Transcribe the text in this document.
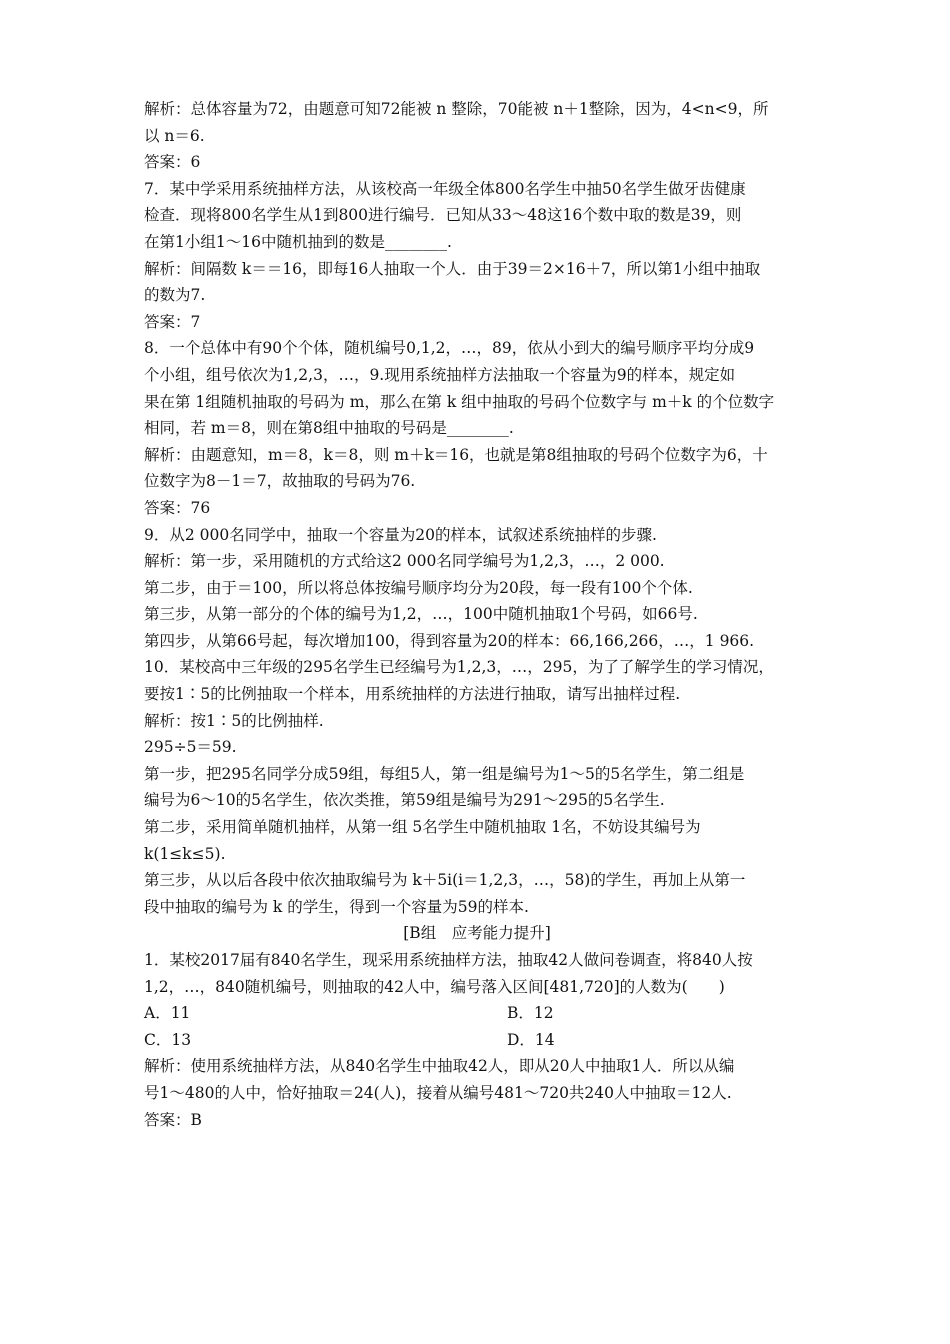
解析：总体容量为72，由题意可知72能被 n 整除，70能被 n＋1整除，因为，4<n<9，所
以 n＝6.
答案：6
7．某中学采用系统抽样方法，从该校高一年级全体800名学生中抽50名学生做牙齿健康
检查．现将800名学生从1到800进行编号．已知从33～48这16个数中取的数是39，则
在第1小组1～16中随机抽到的数是________.
解析：间隔数 k＝＝16，即每16人抽取一个人．由于39＝2×16＋7，所以第1小组中抽取
的数为7.
答案：7
8．一个总体中有90个个体，随机编号0,1,2，…，89，依从小到大的编号顺序平均分成9
个小组，组号依次为1,2,3，…，9.现用系统抽样方法抽取一个容量为9的样本，规定如
果在第 1组随机抽取的号码为 m，那么在第 k 组中抽取的号码个位数字与 m＋k 的个位数字
相同，若 m＝8，则在第8组中抽取的号码是________.
解析：由题意知，m＝8，k＝8，则 m＋k＝16，也就是第8组抽取的号码个位数字为6，十
位数字为8－1＝7，故抽取的号码为76.
答案：76
9．从2 000名同学中，抽取一个容量为20的样本，试叙述系统抽样的步骤.
解析：第一步，采用随机的方式给这2 000名同学编号为1,2,3，…，2 000.
第二步，由于＝100，所以将总体按编号顺序均分为20段，每一段有100个个体.
第三步，从第一部分的个体的编号为1,2，…，100中随机抽取1个号码，如66号.
第四步，从第66号起，每次增加100，得到容量为20的样本：66,166,266，…，1 966.
10．某校高中三年级的295名学生已经编号为1,2,3，…，295，为了了解学生的学习情况，
要按1∶5的比例抽取一个样本，用系统抽样的方法进行抽取，请写出抽样过程.
解析：按1∶5的比例抽样.
295÷5＝59.
第一步，把295名同学分成59组，每组5人，第一组是编号为1～5的5名学生，第二组是
编号为6～10的5名学生，依次类推，第59组是编号为291～295的5名学生.
第二步，采用简单随机抽样，从第一组 5名学生中随机抽取 1名，不妨设其编号为
k(1≤k≤5).
第三步，从以后各段中依次抽取编号为 k＋5i(i＝1,2,3，…，58)的学生，再加上从第一
段中抽取的编号为 k 的学生，得到一个容量为59的样本.
[B组　应考能力提升]
1．某校2017届有840名学生，现采用系统抽样方法，抽取42人做问卷调查，将840人按
1,2，…，840随机编号，则抽取的42人中，编号落入区间[481,720]的人数为(　　)
A．11	B．12
C．13	D．14
解析：使用系统抽样方法，从840名学生中抽取42人，即从20人中抽取1人．所以从编
号1～480的人中，恰好抽取＝24(人)，接着从编号481～720共240人中抽取＝12人.
答案：B
